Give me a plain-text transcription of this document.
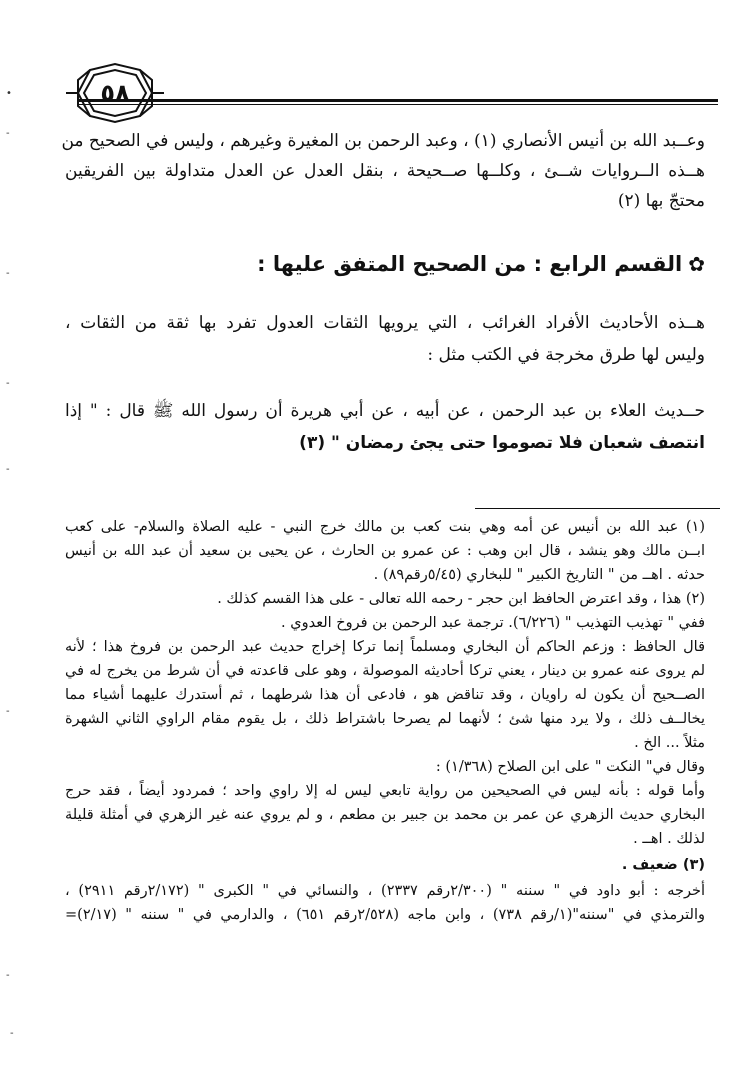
٥٨
•
-
-
-
-
-
-
-
وعــبد الله بن أنيس الأنصاري (١) ، وعبد الرحمن بن المغيرة وغيرهم ، وليس في الصحيح من
هــذه الــروايات شــئ ، وكلــها صــحيحة ، بنقل العدل عن العدل متداولة بين الفريقين
محتجّ بها (٢)
✿القسم الرابع : من الصحيح المتفق عليها :
هــذه الأحاديث الأفراد الغرائب ، التي يرويها الثقات العدول تفرد بها ثقة من الثقات ،
وليس لها طرق مخرجة في الكتب مثل :
حــديث العلاء بن عبد الرحمن ، عن أبيه ، عن أبي هريرة أن رسول الله ﷺ قال : " إذا
انتصف شعبان فلا تصوموا حتى يجئ رمضان " (٣)
(١) عبد الله بن أنيس عن أمه وهي بنت كعب بن مالك خرج النبي - عليه الصلاة والسلام- على كعب
ابــن مالك وهو ينشد ، قال ابن وهب : عن عمرو بن الحارث ، عن يحيى بن سعيد أن عبد الله بن أنيس
حدثه . اهــ من " التاريخ الكبير " للبخاري (٥/٤٥رقم٨٩) .
(٢) هذا ، وقد اعترض الحافظ ابن حجر - رحمه الله تعالى - على هذا القسم كذلك .
ففي " تهذيب التهذيب " (٦/٢٢٦). ترجمة عبد الرحمن بن فروخ العدوي .
قال الحافظ : وزعم الحاكم أن البخاري ومسلماً إنما تركا إخراج حديث عبد الرحمن بن فروخ هذا ؛ لأنه
لم يروى عنه عمرو بن دينار ، يعني تركا أحاديثه الموصولة ، وهو على قاعدته في أن شرط من يخرج له في
الصــحيح أن يكون له راويان ، وقد تناقض هو ، فادعى أن هذا شرطهما ، ثم أستدرك عليهما أشياء مما
يخالــف ذلك ، ولا يرد منها شئ ؛ لأنهما لم يصرحا باشتراط ذلك ، بل يقوم مقام الراوي الثاني الشهرة
مثلاً ... الخ .
وقال في" النكت " على ابن الصلاح (١/٣٦٨) :
وأما قوله : بأنه ليس في الصحيحين من رواية تابعي ليس له إلا راوي واحد ؛ فمردود أيضاً ، فقد حرج
البخاري حديث الزهري عن عمر بن محمد بن جبير بن مطعم ، و لم يروي عنه غير الزهري في أمثلة قليلة
لذلك . اهــ .
(٣) ضعيف .
أخرجه : أبو داود في " سننه " (٢/٣٠٠رقم ٢٣٣٧) ، والنسائي في " الكبرى " (٢/١٧٢رقم ٢٩١١) ،
والترمذي في "سننه"(١/رقم ٧٣٨) ، وابن ماجه (٢/٥٢٨رقم ٦٥١) ، والدارمي في " سننه " (٢/١٧)=
